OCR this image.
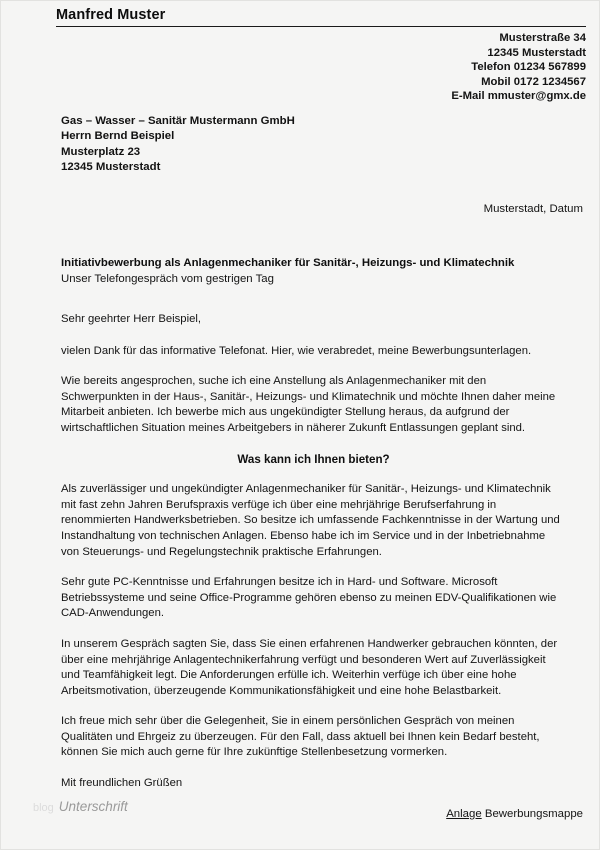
Manfred Muster
Musterstraße 34
12345 Musterstadt
Telefon 01234 567899
Mobil 0172 1234567
E-Mail mmuster@gmx.de
Gas – Wasser – Sanitär Mustermann GmbH
Herrn Bernd Beispiel
Musterplatz 23
12345 Musterstadt
Musterstadt, Datum
Initiativbewerbung als Anlagenmechaniker für Sanitär-, Heizungs- und Klimatechnik
Unser Telefongespräch vom gestrigen Tag

Sehr geehrter Herr Beispiel,

vielen Dank für das informative Telefonat. Hier, wie verabredet, meine Bewerbungsunterlagen.

Wie bereits angesprochen, suche ich eine Anstellung als Anlagenmechaniker mit den Schwerpunkten in der Haus-, Sanitär-, Heizungs- und Klimatechnik und möchte Ihnen daher meine Mitarbeit anbieten. Ich bewerbe mich aus ungekündigter Stellung heraus, da aufgrund der wirtschaftlichen Situation meines Arbeitgebers in näherer Zukunft Entlassungen geplant sind.

Was kann ich Ihnen bieten?

Als zuverlässiger und ungekündigter Anlagenmechaniker für Sanitär-, Heizungs- und Klimatechnik mit fast zehn Jahren Berufspraxis verfüge ich über eine mehrjährige Berufserfahrung in renommierten Handwerksbetrieben. So besitze ich umfassende Fachkenntnisse in der Wartung und Instandhaltung von technischen Anlagen. Ebenso habe ich im Service und in der Inbetriebnahme von Steuerungs- und Regelungstechnik praktische Erfahrungen.

Sehr gute PC-Kenntnisse und Erfahrungen besitze ich in Hard- und Software. Microsoft Betriebssysteme und seine Office-Programme gehören ebenso zu meinen EDV-Qualifikationen wie CAD-Anwendungen.

In unserem Gespräch sagten Sie, dass Sie einen erfahrenen Handwerker gebrauchen könnten, der über eine mehrjährige Anlagentechnikerfahrung verfügt und besonderen Wert auf Zuverlässigkeit und Teamfähigkeit legt. Die Anforderungen erfülle ich. Weiterhin verfüge ich über eine hohe Arbeitsmotivation, überzeugende Kommunikationsfähigkeit und eine hohe Belastbarkeit.

Ich freue mich sehr über die Gelegenheit, Sie in einem persönlichen Gespräch von meinen Qualitäten und Ehrgeiz zu überzeugen. Für den Fall, dass aktuell bei Ihnen kein Bedarf besteht, können Sie mich auch gerne für Ihre zukünftige Stellenbesetzung vormerken.

Mit freundlichen Grüßen

blog Unterschrift	Anlage Bewerbungsmappe
